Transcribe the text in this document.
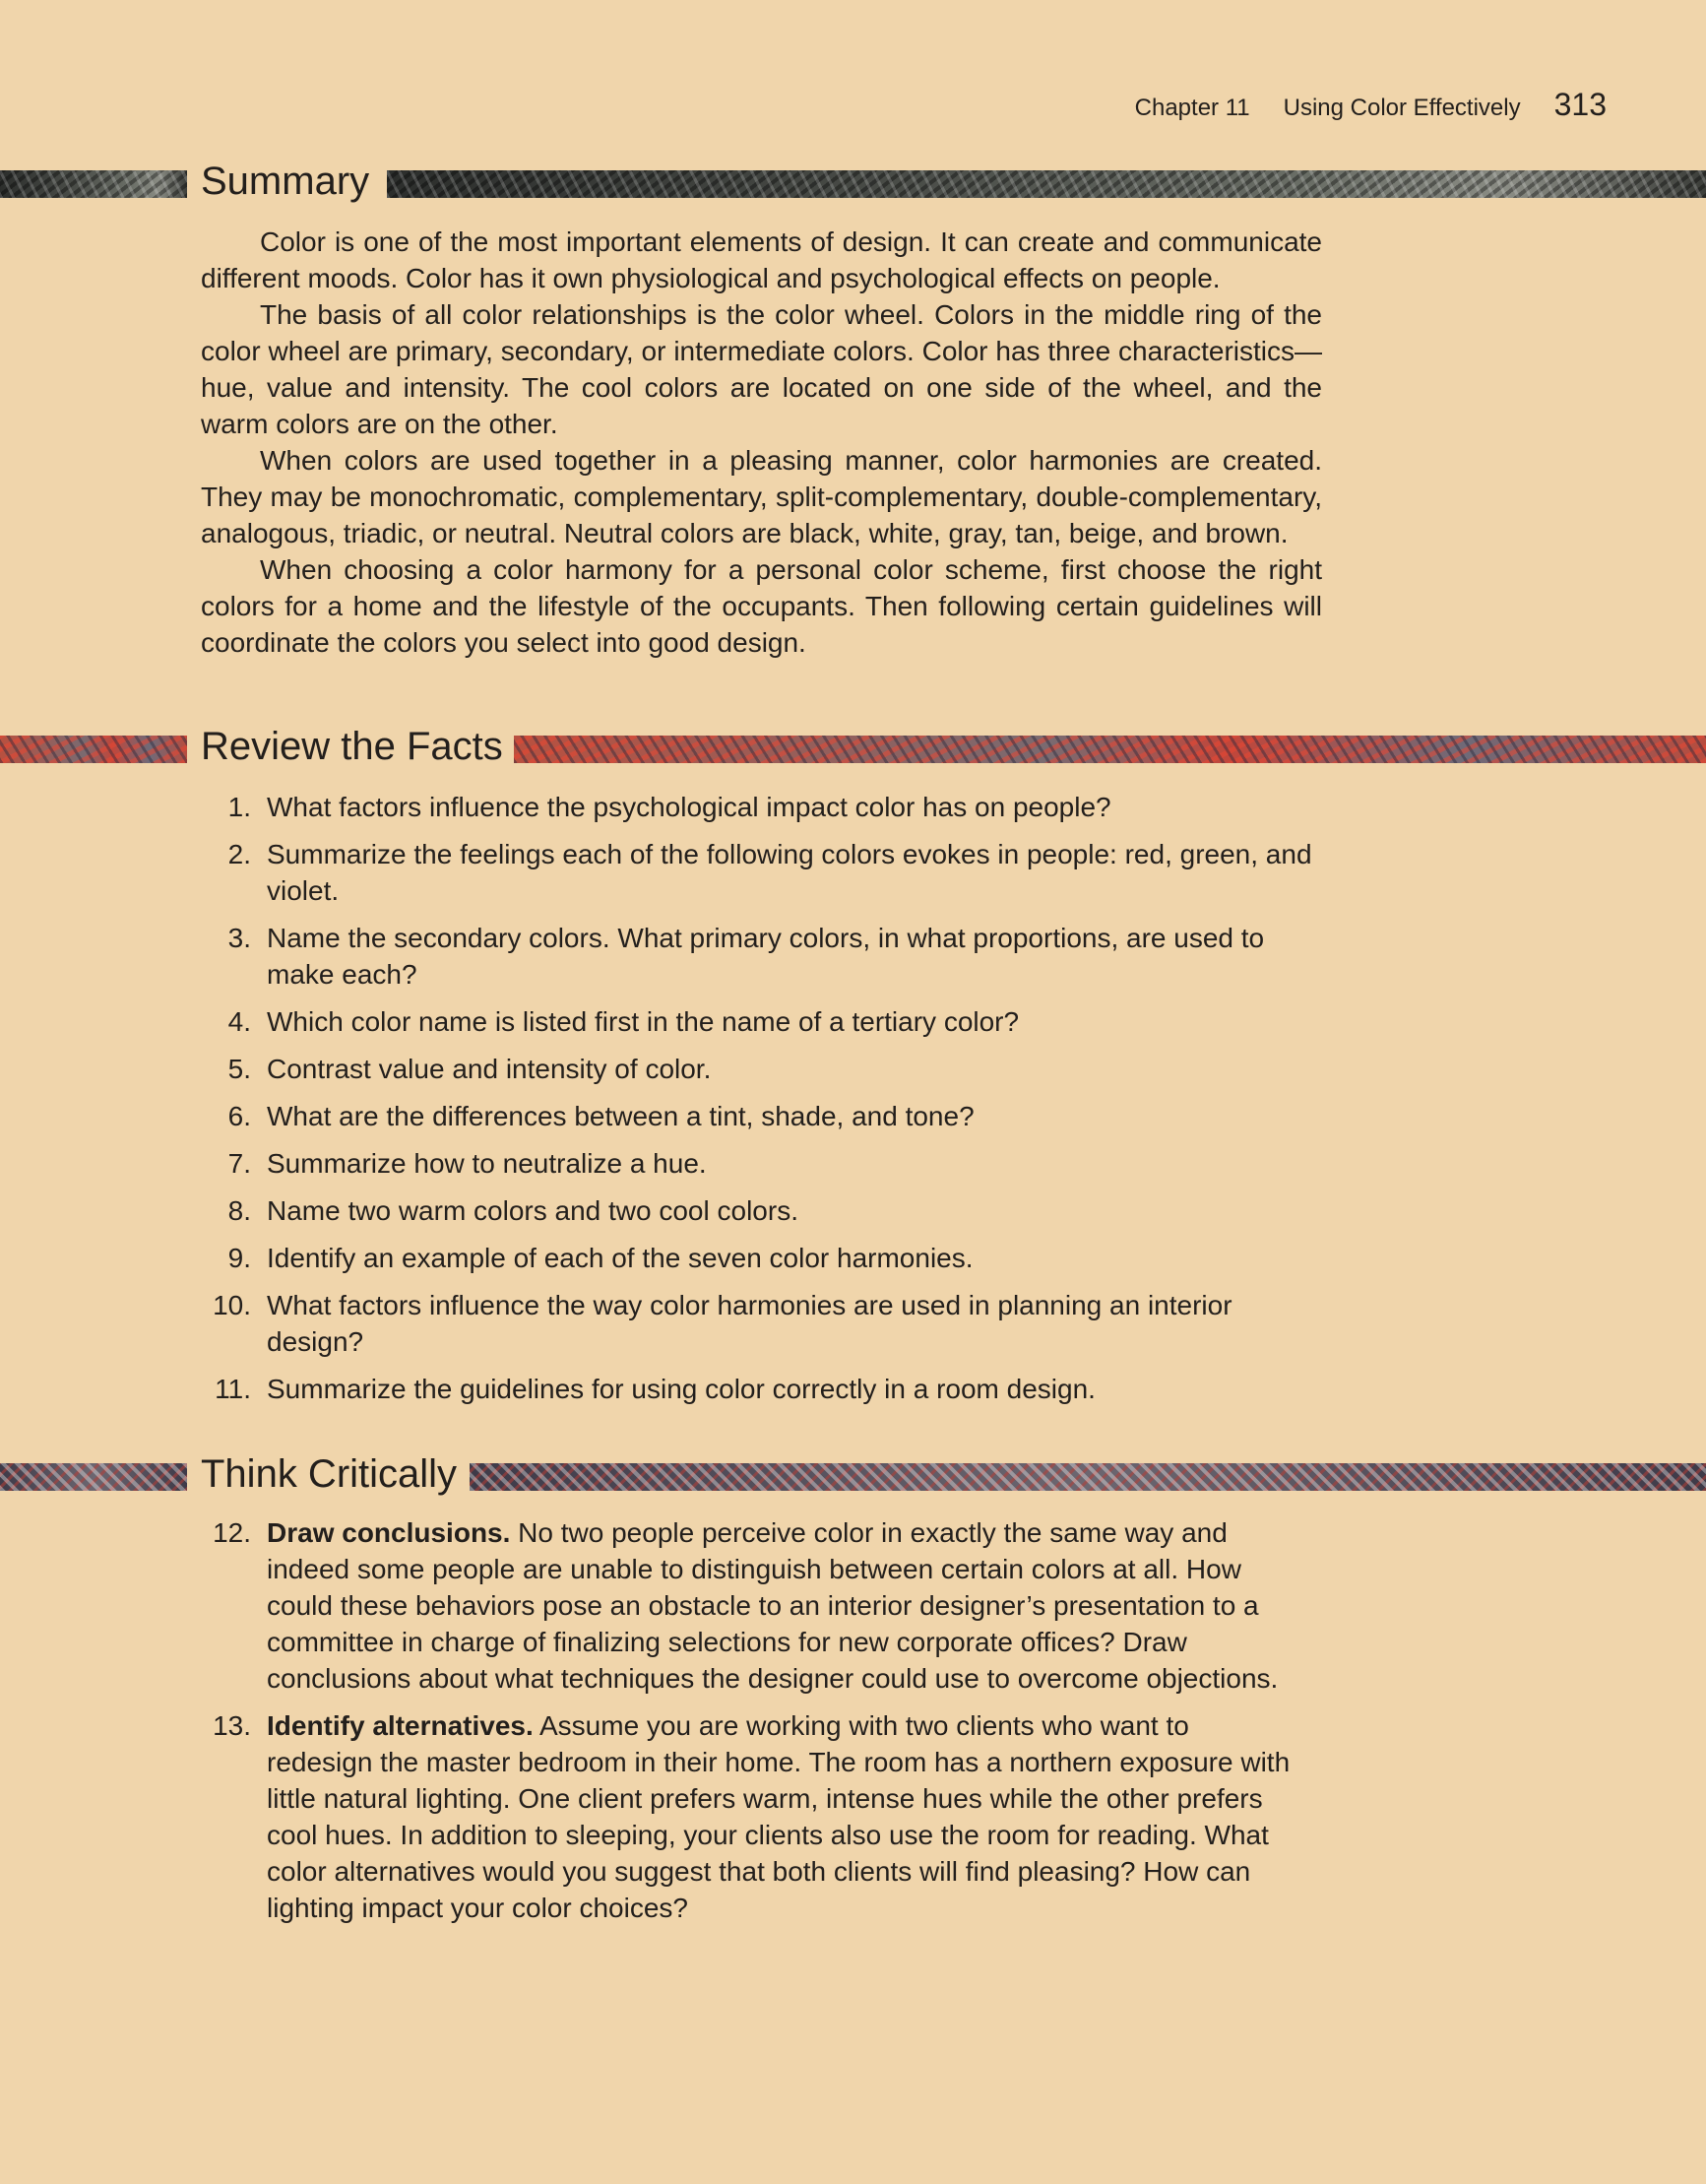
Chapter 11 Using Color Effectively 313
Summary

Color is one of the most important elements of design. It can create and communicate different moods. Color has it own physiological and psychological effects on people.

The basis of all color relationships is the color wheel. Colors in the middle ring of the color wheel are primary, secondary, or intermediate colors. Color has three characteristics—hue, value and intensity. The cool colors are located on one side of the wheel, and the warm colors are on the other.

When colors are used together in a pleasing manner, color harmonies are created. They may be monochromatic, complementary, split-complementary, double-complementary, analogous, triadic, or neutral. Neutral colors are black, white, gray, tan, beige, and brown.

When choosing a color harmony for a personal color scheme, first choose the right colors for a home and the lifestyle of the occupants. Then following certain guidelines will coordinate the colors you select into good design.

Review the Facts
1. What factors influence the psychological impact color has on people?
2. Summarize the feelings each of the following colors evokes in people: red, green, and violet.
3. Name the secondary colors. What primary colors, in what proportions, are used to make each?
4. Which color name is listed first in the name of a tertiary color?
5. Contrast value and intensity of color.
6. What are the differences between a tint, shade, and tone?
7. Summarize how to neutralize a hue.
8. Name two warm colors and two cool colors.
9. Identify an example of each of the seven color harmonies.
10. What factors influence the way color harmonies are used in planning an interior design?
11. Summarize the guidelines for using color correctly in a room design.
Think Critically
12. Draw conclusions. No two people perceive color in exactly the same way and indeed some people are unable to distinguish between certain colors at all. How could these behaviors pose an obstacle to an interior designer’s presentation to a committee in charge of finalizing selections for new corporate offices? Draw conclusions about what techniques the designer could use to overcome objections.
13. Identify alternatives. Assume you are working with two clients who want to redesign the master bedroom in their home. The room has a northern exposure with little natural lighting. One client prefers warm, intense hues while the other prefers cool hues. In addition to sleeping, your clients also use the room for reading. What color alternatives would you suggest that both clients will find pleasing? How can lighting impact your color choices?
